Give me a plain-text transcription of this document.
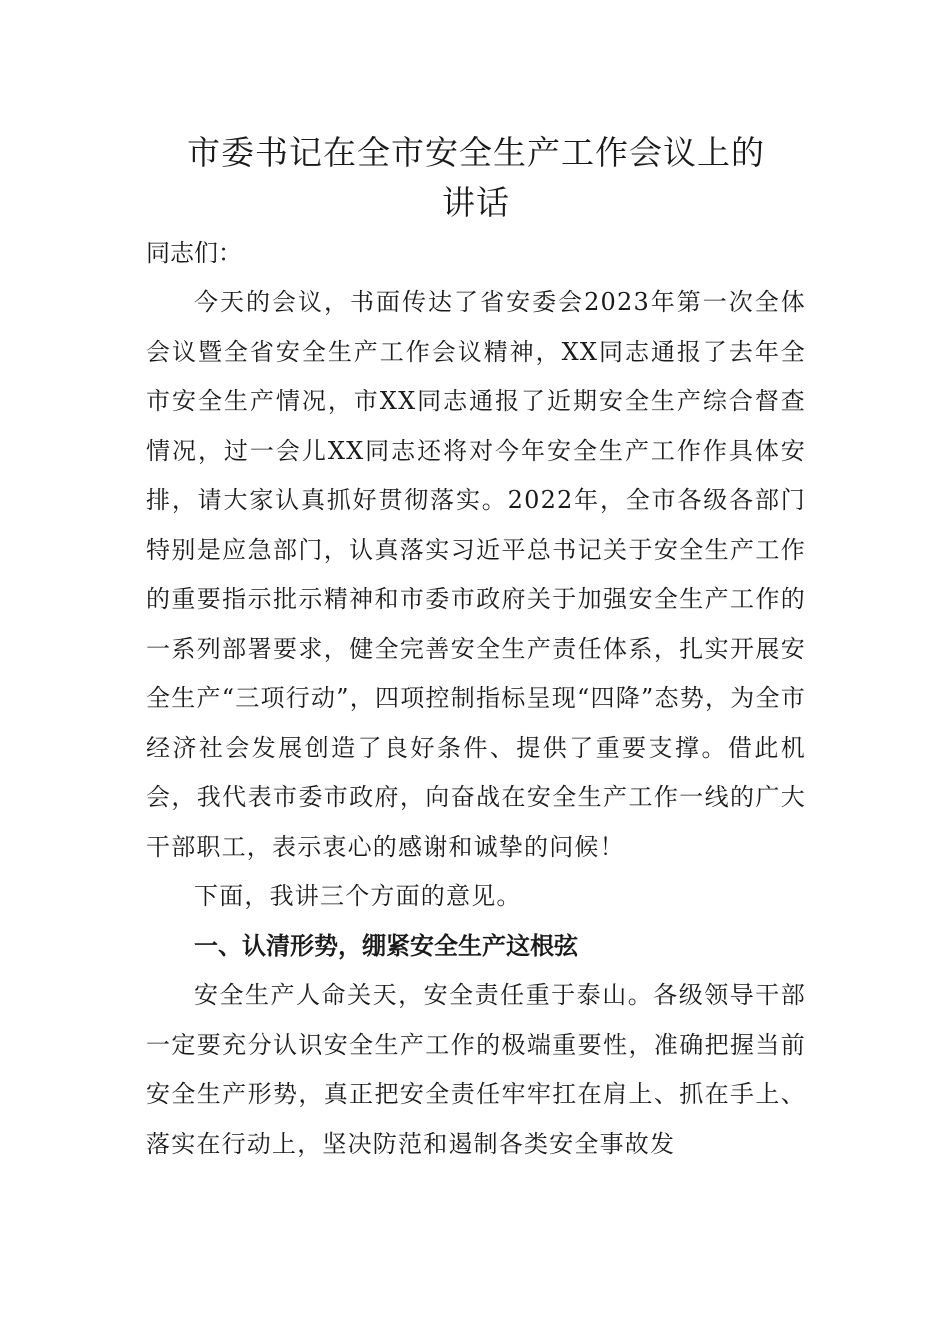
市委书记在全市安全生产工作会议上的
讲话

同志们：

今天的会议，书面传达了省安委会2023年第一次全体会议暨全省安全生产工作会议精神，XX同志通报了去年全市安全生产情况，市XX同志通报了近期安全生产综合督查情况，过一会儿XX同志还将对今年安全生产工作作具体安排，请大家认真抓好贯彻落实。2022年，全市各级各部门特别是应急部门，认真落实习近平总书记关于安全生产工作的重要指示批示精神和市委市政府关于加强安全生产工作的一系列部署要求，健全完善安全生产责任体系，扎实开展安全生产“三项行动”，四项控制指标呈现“四降”态势，为全市经济社会发展创造了良好条件、提供了重要支撑。借此机会，我代表市委市政府，向奋战在安全生产工作一线的广大干部职工，表示衷心的感谢和诚挚的问候！

下面，我讲三个方面的意见。

一、认清形势，绷紧安全生产这根弦

安全生产人命关天，安全责任重于泰山。各级领导干部一定要充分认识安全生产工作的极端重要性，准确把握当前安全生产形势，真正把安全责任牢牢扛在肩上、抓在手上、落实在行动上，坚决防范和遏制各类安全事故发
